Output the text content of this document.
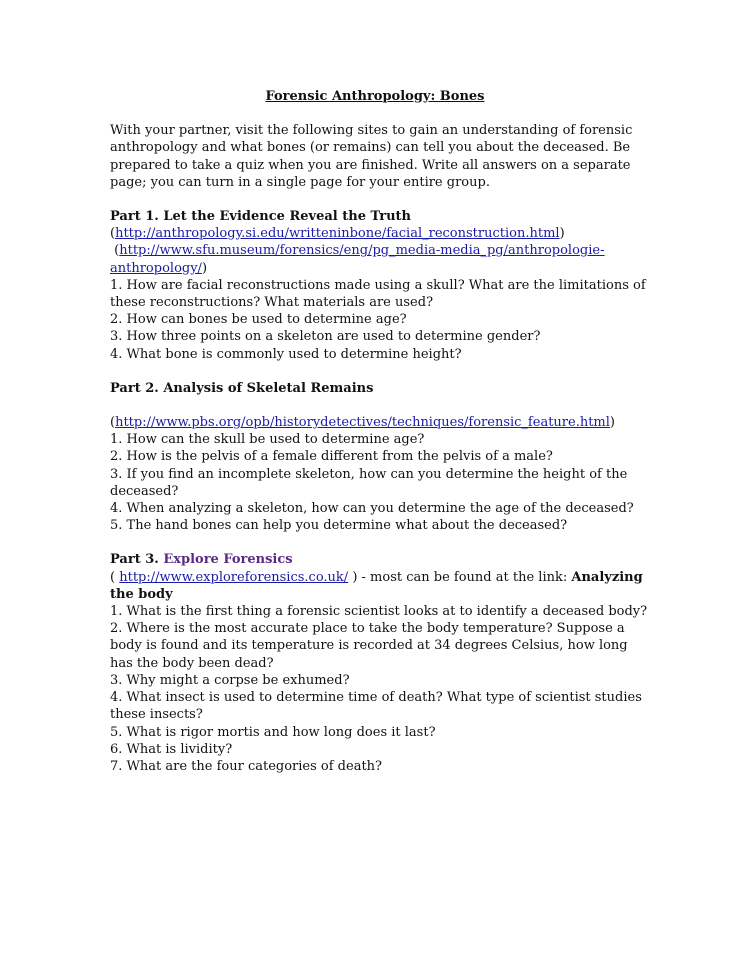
Forensic Anthropology: Bones
With your partner, visit the following sites to gain an understanding of forensic anthropology and what bones (or remains) can tell you about the deceased. Be prepared to take a quiz when you are finished. Write all answers on a separate page; you can turn in a single page for your entire group.
Part 1. Let the Evidence Reveal the Truth
(http://anthropology.si.edu/writteninbone/facial_reconstruction.html)
(http://www.sfu.museum/forensics/eng/pg_media-media_pg/anthropologie-anthropology/)
1. How are facial reconstructions made using a skull? What are the limitations of these reconstructions? What materials are used?
2. How can bones be used to determine age?
3. How three points on a skeleton are used to determine gender?
4. What bone is commonly used to determine height?
Part 2. Analysis of Skeletal Remains
(http://www.pbs.org/opb/historydetectives/techniques/forensic_feature.html)
1. How can the skull be used to determine age?
2. How is the pelvis of a female different from the pelvis of a male?
3. If you find an incomplete skeleton, how can you determine the height of the deceased?
4. When analyzing a skeleton, how can you determine the age of the deceased?
5. The hand bones can help you determine what about the deceased?
Part 3. Explore Forensics
( http://www.exploreforensics.co.uk/ ) - most can be found at the link: Analyzing the body
1. What is the first thing a forensic scientist looks at to identify a deceased body?
2. Where is the most accurate place to take the body temperature? Suppose a body is found and its temperature is recorded at 34 degrees Celsius, how long has the body been dead?
3. Why might a corpse be exhumed?
4. What insect is used to determine time of death? What type of scientist studies these insects?
5. What is rigor mortis and how long does it last?
6. What is lividity?
7. What are the four categories of death?
